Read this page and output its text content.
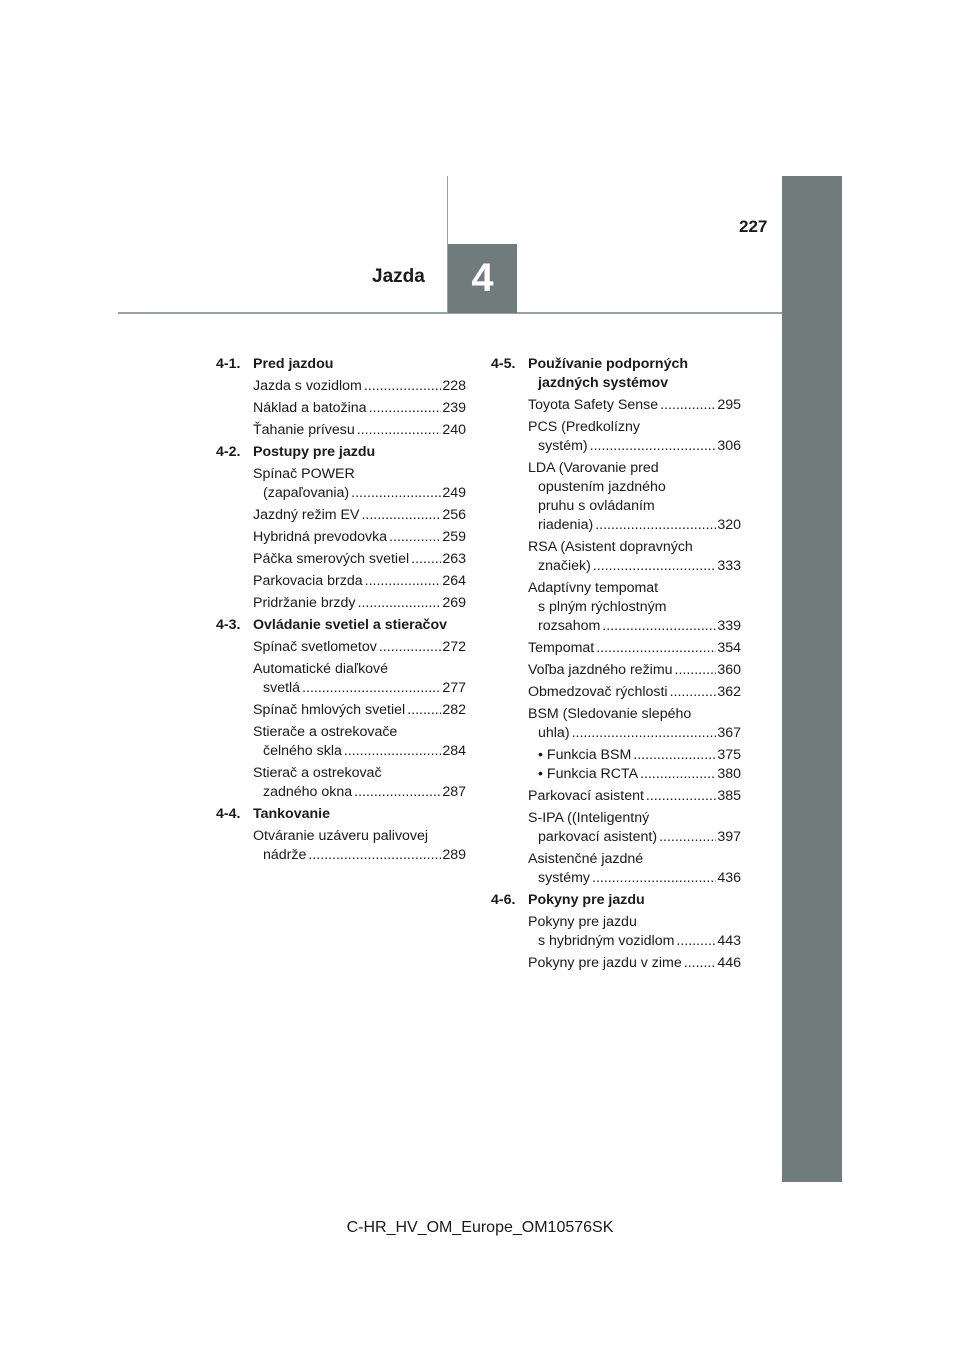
227
Jazda 4
4-1. Pred jazdou
Jazda s vozidlom .....	228
Náklad a batožina .....	239
Ťahanie prívesu .....	240
4-2. Postupy pre jazdu
Spínač POWER
(zapaľovania) .....	249
Jazdný režim EV .....	256
Hybridná prevodovka .....	259
Páčka smerových svetiel .....	263
Parkovacia brzda .....	264
Pridržanie brzdy .....	269
4-3. Ovládanie svetiel a stieračov
Spínač svetlometov .....	272
Automatické diaľkové
svetlá .....	277
Spínač hmlových svetiel .....	282
Stierače a ostrekovače
čelného skla .....	284
Stierač a ostrekovač
zadného okna .....	287
4-4. Tankovanie
Otváranie uzáveru palivovej
nádrže .....	289
4-5. Používanie podporných jazdných systémov
Toyota Safety Sense .....	295
PCS (Predkolízny
systém) .....	306
LDA (Varovanie pred
opustením jazdného
pruhu s ovládaním
riadenia) .....	320
RSA (Asistent dopravných
značiek) .....	333
Adaptívny tempomat
s plným rýchlostným
rozsahom .....	339
Tempomat .....	354
Voľba jazdného režimu .....	360
Obmedzovač rýchlosti .....	362
BSM (Sledovanie slepého
uhla) .....	367
• Funkcia BSM .....	375
• Funkcia RCTA .....	380
Parkovací asistent .....	385
S-IPA ((Inteligentný
parkovací asistent) .....	397
Asistenčné jazdné
systémy .....	436
4-6. Pokyny pre jazdu
Pokyny pre jazdu
s hybridným vozidlom .....	443
Pokyny pre jazdu v zime .....	446
C-HR_HV_OM_Europe_OM10576SK
